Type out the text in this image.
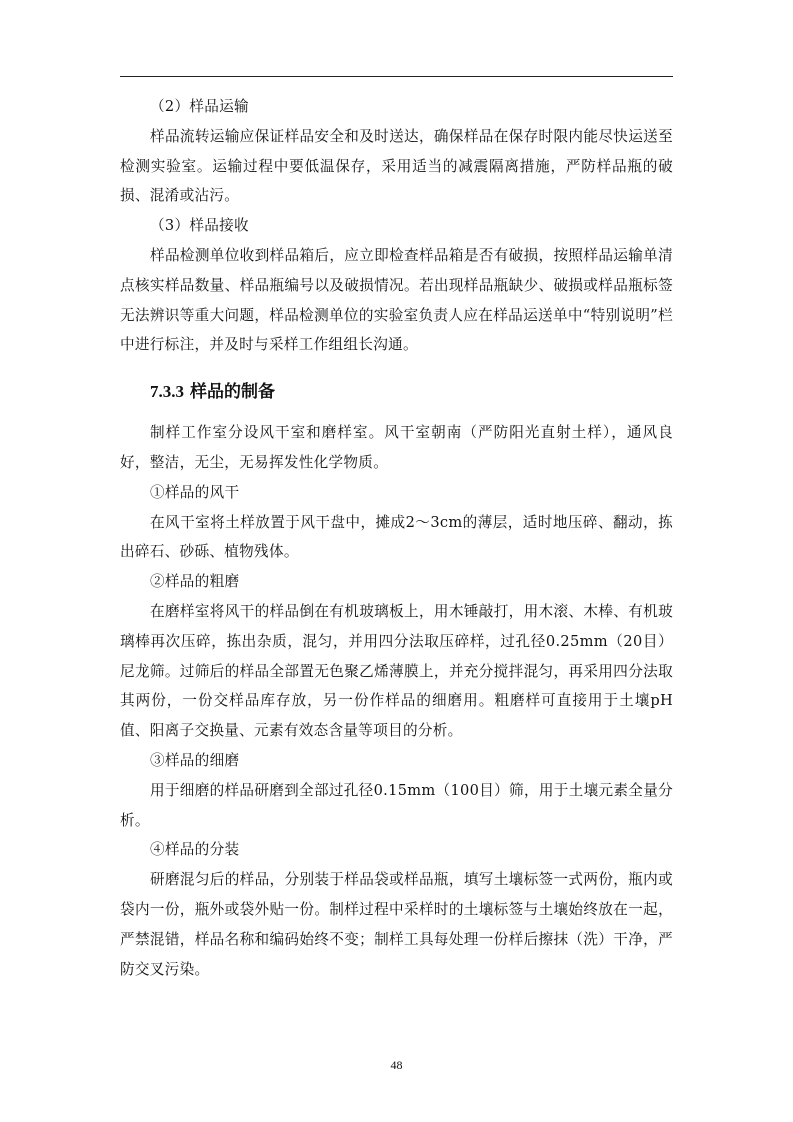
（2）样品运输

样品流转运输应保证样品安全和及时送达，确保样品在保存时限内能尽快运送至检测实验室。运输过程中要低温保存，采用适当的减震隔离措施，严防样品瓶的破损、混淆或沾污。

（3）样品接收

样品检测单位收到样品箱后，应立即检查样品箱是否有破损，按照样品运输单清点核实样品数量、样品瓶编号以及破损情况。若出现样品瓶缺少、破损或样品瓶标签无法辨识等重大问题，样品检测单位的实验室负责人应在样品运送单中“特别说明”栏中进行标注，并及时与采样工作组组长沟通。

7.3.3 样品的制备

制样工作室分设风干室和磨样室。风干室朝南（严防阳光直射土样），通风良好，整洁，无尘，无易挥发性化学物质。

①样品的风干

在风干室将土样放置于风干盘中，摊成2～3cm的薄层，适时地压碎、翻动，拣出碎石、砂砾、植物残体。

②样品的粗磨

在磨样室将风干的样品倒在有机玻璃板上，用木锤敲打，用木滚、木棒、有机玻璃棒再次压碎，拣出杂质，混匀，并用四分法取压碎样，过孔径0.25mm（20目）尼龙筛。过筛后的样品全部置无色聚乙烯薄膜上，并充分搅拌混匀，再采用四分法取其两份，一份交样品库存放，另一份作样品的细磨用。粗磨样可直接用于土壤pH值、阳离子交换量、元素有效态含量等项目的分析。

③样品的细磨

用于细磨的样品研磨到全部过孔径0.15mm（100目）筛，用于土壤元素全量分析。

④样品的分装

研磨混匀后的样品，分别装于样品袋或样品瓶，填写土壤标签一式两份，瓶内或袋内一份，瓶外或袋外贴一份。制样过程中采样时的土壤标签与土壤始终放在一起，严禁混错，样品名称和编码始终不变；制样工具每处理一份样后擦抹（洗）干净，严防交叉污染。

48
